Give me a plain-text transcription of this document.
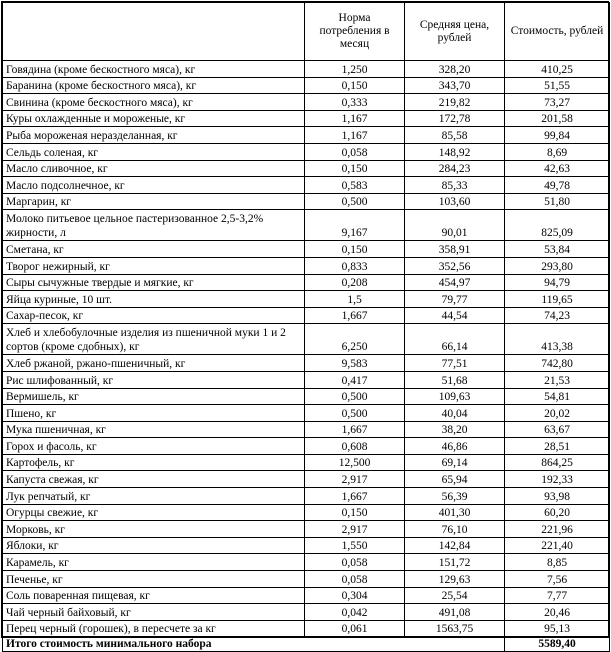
	Норма потребления в месяц	Средняя цена, рублей	Стоимость, рублей
Говядина (кроме бескостного мяса), кг	1,250	328,20	410,25
Баранина (кроме бескостного мяса), кг	0,150	343,70	51,55
Свинина (кроме бескостного мяса), кг	0,333	219,82	73,27
Куры охлажденные и мороженые, кг	1,167	172,78	201,58
Рыба мороженая неразделанная, кг	1,167	85,58	99,84
Сельдь соленая, кг	0,058	148,92	8,69
Масло сливочное, кг	0,150	284,23	42,63
Масло подсолнечное, кг	0,583	85,33	49,78
Маргарин, кг	0,500	103,60	51,80
Молоко питьевое цельное пастеризованное 2,5-3,2% жирности, л	9,167	90,01	825,09
Сметана, кг	0,150	358,91	53,84
Творог нежирный, кг	0,833	352,56	293,80
Сыры сычужные твердые и мягкие, кг	0,208	454,97	94,79
Яйца куриные, 10 шт.	1,5	79,77	119,65
Сахар-песок, кг	1,667	44,54	74,23
Хлеб и хлебобулочные изделия из пшеничной муки 1 и 2 сортов (кроме сдобных), кг	6,250	66,14	413,38
Хлеб ржаной, ржано-пшеничный, кг	9,583	77,51	742,80
Рис шлифованный, кг	0,417	51,68	21,53
Вермишель, кг	0,500	109,63	54,81
Пшено, кг	0,500	40,04	20,02
Мука пшеничная, кг	1,667	38,20	63,67
Горох и фасоль, кг	0,608	46,86	28,51
Картофель, кг	12,500	69,14	864,25
Капуста свежая, кг	2,917	65,94	192,33
Лук репчатый, кг	1,667	56,39	93,98
Огурцы свежие, кг	0,150	401,30	60,20
Морковь, кг	2,917	76,10	221,96
Яблоки, кг	1,550	142,84	221,40
Карамель, кг	0,058	151,72	8,85
Печенье, кг	0,058	129,63	7,56
Соль поваренная пищевая, кг	0,304	25,54	7,77
Чай черный байховый, кг	0,042	491,08	20,46
Перец черный (горошек), в пересчете за кг	0,061	1563,75	95,13
Итого стоимость минимального набора			5589,40
